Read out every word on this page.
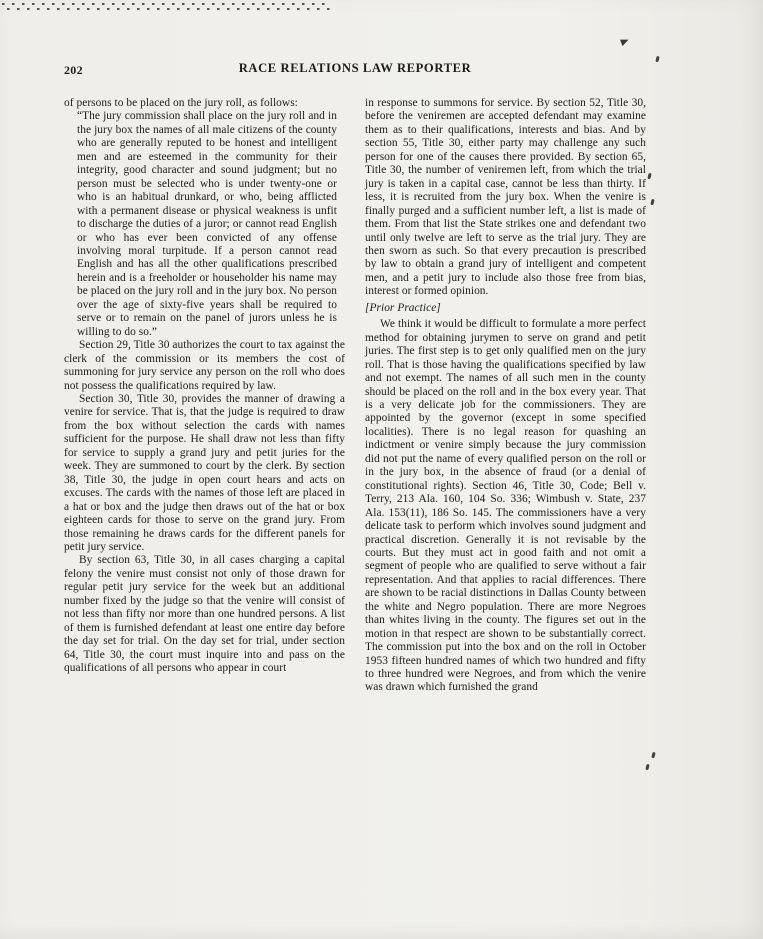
202	RACE RELATIONS LAW REPORTER

of persons to be placed on the jury roll, as follows:

“The jury commission shall place on the jury roll and in the jury box the names of all male citizens of the county who are generally reputed to be honest and intelligent men and are esteemed in the community for their integrity, good character and sound judgment; but no person must be selected who is under twenty-one or who is an habitual drunkard, or who, being afflicted with a permanent disease or physical weakness is unfit to discharge the duties of a juror; or cannot read English or who has ever been convicted of any offense involving moral turpitude. If a person cannot read English and has all the other qualifications prescribed herein and is a freeholder or householder his name may be placed on the jury roll and in the jury box. No person over the age of sixty-five years shall be required to serve or to remain on the panel of jurors unless he is willing to do so.”

Section 29, Title 30 authorizes the court to tax against the clerk of the commission or its members the cost of summoning for jury service any person on the roll who does not possess the qualifications required by law.

Section 30, Title 30, provides the manner of drawing a venire for service. That is, that the judge is required to draw from the box without selection the cards with names sufficient for the purpose. He shall draw not less than fifty for service to supply a grand jury and petit juries for the week. They are summoned to court by the clerk. By section 38, Title 30, the judge in open court hears and acts on excuses. The cards with the names of those left are placed in a hat or box and the judge then draws out of the hat or box eighteen cards for those to serve on the grand jury. From those remaining he draws cards for the different panels for petit jury service.

By section 63, Title 30, in all cases charging a capital felony the venire must consist not only of those drawn for regular petit jury service for the week but an additional number fixed by the judge so that the venire will consist of not less than fifty nor more than one hundred persons. A list of them is furnished defendant at least one entire day before the day set for trial. On the day set for trial, under section 64, Title 30, the court must inquire into and pass on the qualifications of all persons who appear in court

in response to summons for service. By section 52, Title 30, before the veniremen are accepted defendant may examine them as to their qualifications, interests and bias. And by section 55, Title 30, either party may challenge any such person for one of the causes there provided. By section 65, Title 30, the number of veniremen left, from which the trial jury is taken in a capital case, cannot be less than thirty. If less, it is recruited from the jury box. When the venire is finally purged and a sufficient number left, a list is made of them. From that list the State strikes one and defendant two until only twelve are left to serve as the trial jury. They are then sworn as such. So that every precaution is prescribed by law to obtain a grand jury of intelligent and competent men, and a petit jury to include also those free from bias, interest or formed opinion.

[Prior Practice]

We think it would be difficult to formulate a more perfect method for obtaining jurymen to serve on grand and petit juries. The first step is to get only qualified men on the jury roll. That is those having the qualifications specified by law and not exempt. The names of all such men in the county should be placed on the roll and in the box every year. That is a very delicate job for the commissioners. They are appointed by the governor (except in some specified localities). There is no legal reason for quashing an indictment or venire simply because the jury commission did not put the name of every qualified person on the roll or in the jury box, in the absence of fraud (or a denial of constitutional rights). Section 46, Title 30, Code; Bell v. Terry, 213 Ala. 160, 104 So. 336; Wimbush v. State, 237 Ala. 153(11), 186 So. 145. The commissioners have a very delicate task to perform which involves sound judgment and practical discretion. Generally it is not revisable by the courts. But they must act in good faith and not omit a segment of people who are qualified to serve without a fair representation. And that applies to racial differences. There are shown to be racial distinctions in Dallas County between the white and Negro population. There are more Negroes than whites living in the county. The figures set out in the motion in that respect are shown to be substantially correct. The commission put into the box and on the roll in October 1953 fifteen hundred names of which two hundred and fifty to three hundred were Negroes, and from which the venire was drawn which furnished the grand
